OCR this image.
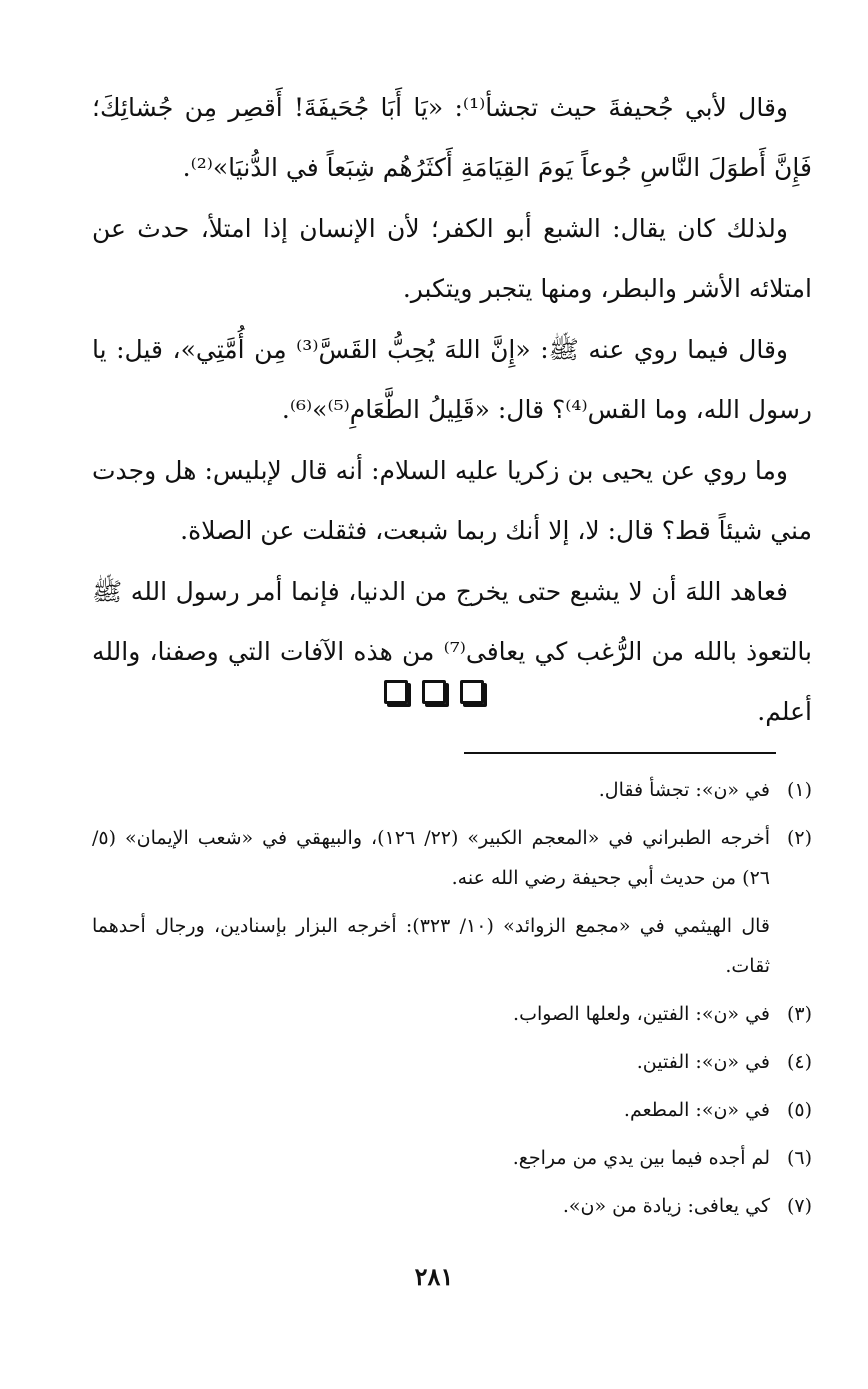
وقال لأبي جُحيفةَ حيث تجشأ⁽¹⁾: «يَا أَبَا جُحَيفَةَ! أَقصِر مِن جُشائِكَ؛ فَإِنَّ أَطوَلَ النَّاسِ جُوعاً يَومَ القِيَامَةِ أَكثَرُهُم شِبَعاً في الدُّنيَا»⁽²⁾.

ولذلك كان يقال: الشبع أبو الكفر؛ لأن الإنسان إذا امتلأ، حدث عن امتلائه الأشر والبطر، ومنها يتجبر ويتكبر.

وقال فيما روي عنه ﷺ: «إِنَّ اللهَ يُحِبُّ القَسَّ⁽³⁾ مِن أُمَّتِي»، قيل: يا رسول الله، وما القس⁽⁴⁾؟ قال: «قَلِيلُ الطَّعَامِ⁽⁵⁾»⁽⁶⁾.

وما روي عن يحيى بن زكريا عليه السلام: أنه قال لإبليس: هل وجدت مني شيئاً قط؟ قال: لا، إلا أنك ربما شبعت، فثقلت عن الصلاة.

فعاهد اللهَ أن لا يشبع حتى يخرج من الدنيا، فإنما أمر رسول الله ﷺ بالتعوذ بالله من الرُّغب كي يعافى⁽⁷⁾ من هذه الآفات التي وصفنا، والله أعلم.

(١)
في «ن»: تجشأ فقال.
(٢)
أخرجه الطبراني في «المعجم الكبير» (٢٢/ ١٢٦)، والبيهقي في «شعب الإيمان» (٥/ ٢٦) من حديث أبي جحيفة رضي الله عنه.
قال الهيثمي في «مجمع الزوائد» (١٠/ ٣٢٣): أخرجه البزار بإسنادين، ورجال أحدهما ثقات.
(٣)
في «ن»: الفتين، ولعلها الصواب.
(٤)
في «ن»: الفتين.
(٥)
في «ن»: المطعم.
(٦)
لم أجده فيما بين يدي من مراجع.
(٧)
كي يعافى: زيادة من «ن».
٢٨١
